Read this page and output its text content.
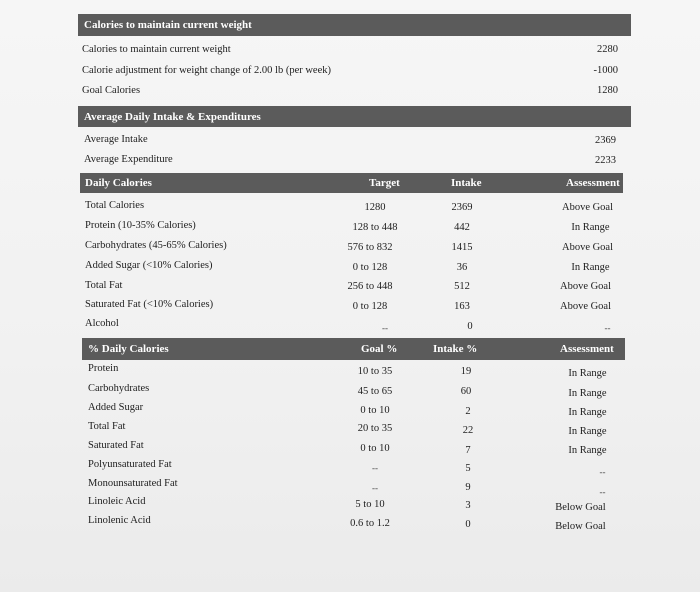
Calories to maintain current weight
Calories to maintain current weight	2280
Calorie adjustment for weight change of 2.00 lb (per week)	-1000
Goal Calories	1280
Average Daily Intake & Expenditures
Average Intake	2369
Average Expenditure	2233
Daily Calories	Target	Intake	Assessment
Total Calories	1280	2369	Above Goal
Protein (10-35% Calories)	128 to 448	442	In Range
Carbohydrates (45-65% Calories)	576 to 832	1415	Above Goal
Added Sugar (<10% Calories)	0 to 128	36	In Range
Total Fat	256 to 448	512	Above Goal
Saturated Fat (<10% Calories)	0 to 128	163	Above Goal
Alcohol	--	0	--
% Daily Calories	Goal %	Intake %	Assessment
Protein	10 to 35	19	In Range
Carbohydrates	45 to 65	60	In Range
Added Sugar	0 to 10	2	In Range
Total Fat	20 to 35	22	In Range
Saturated Fat	0 to 10	7	In Range
Polyunsaturated Fat	--	5	--
Monounsaturated Fat	--	9	--
Linoleic Acid	5 to 10	3	Below Goal
Linolenic Acid	0.6 to 1.2	0	Below Goal
